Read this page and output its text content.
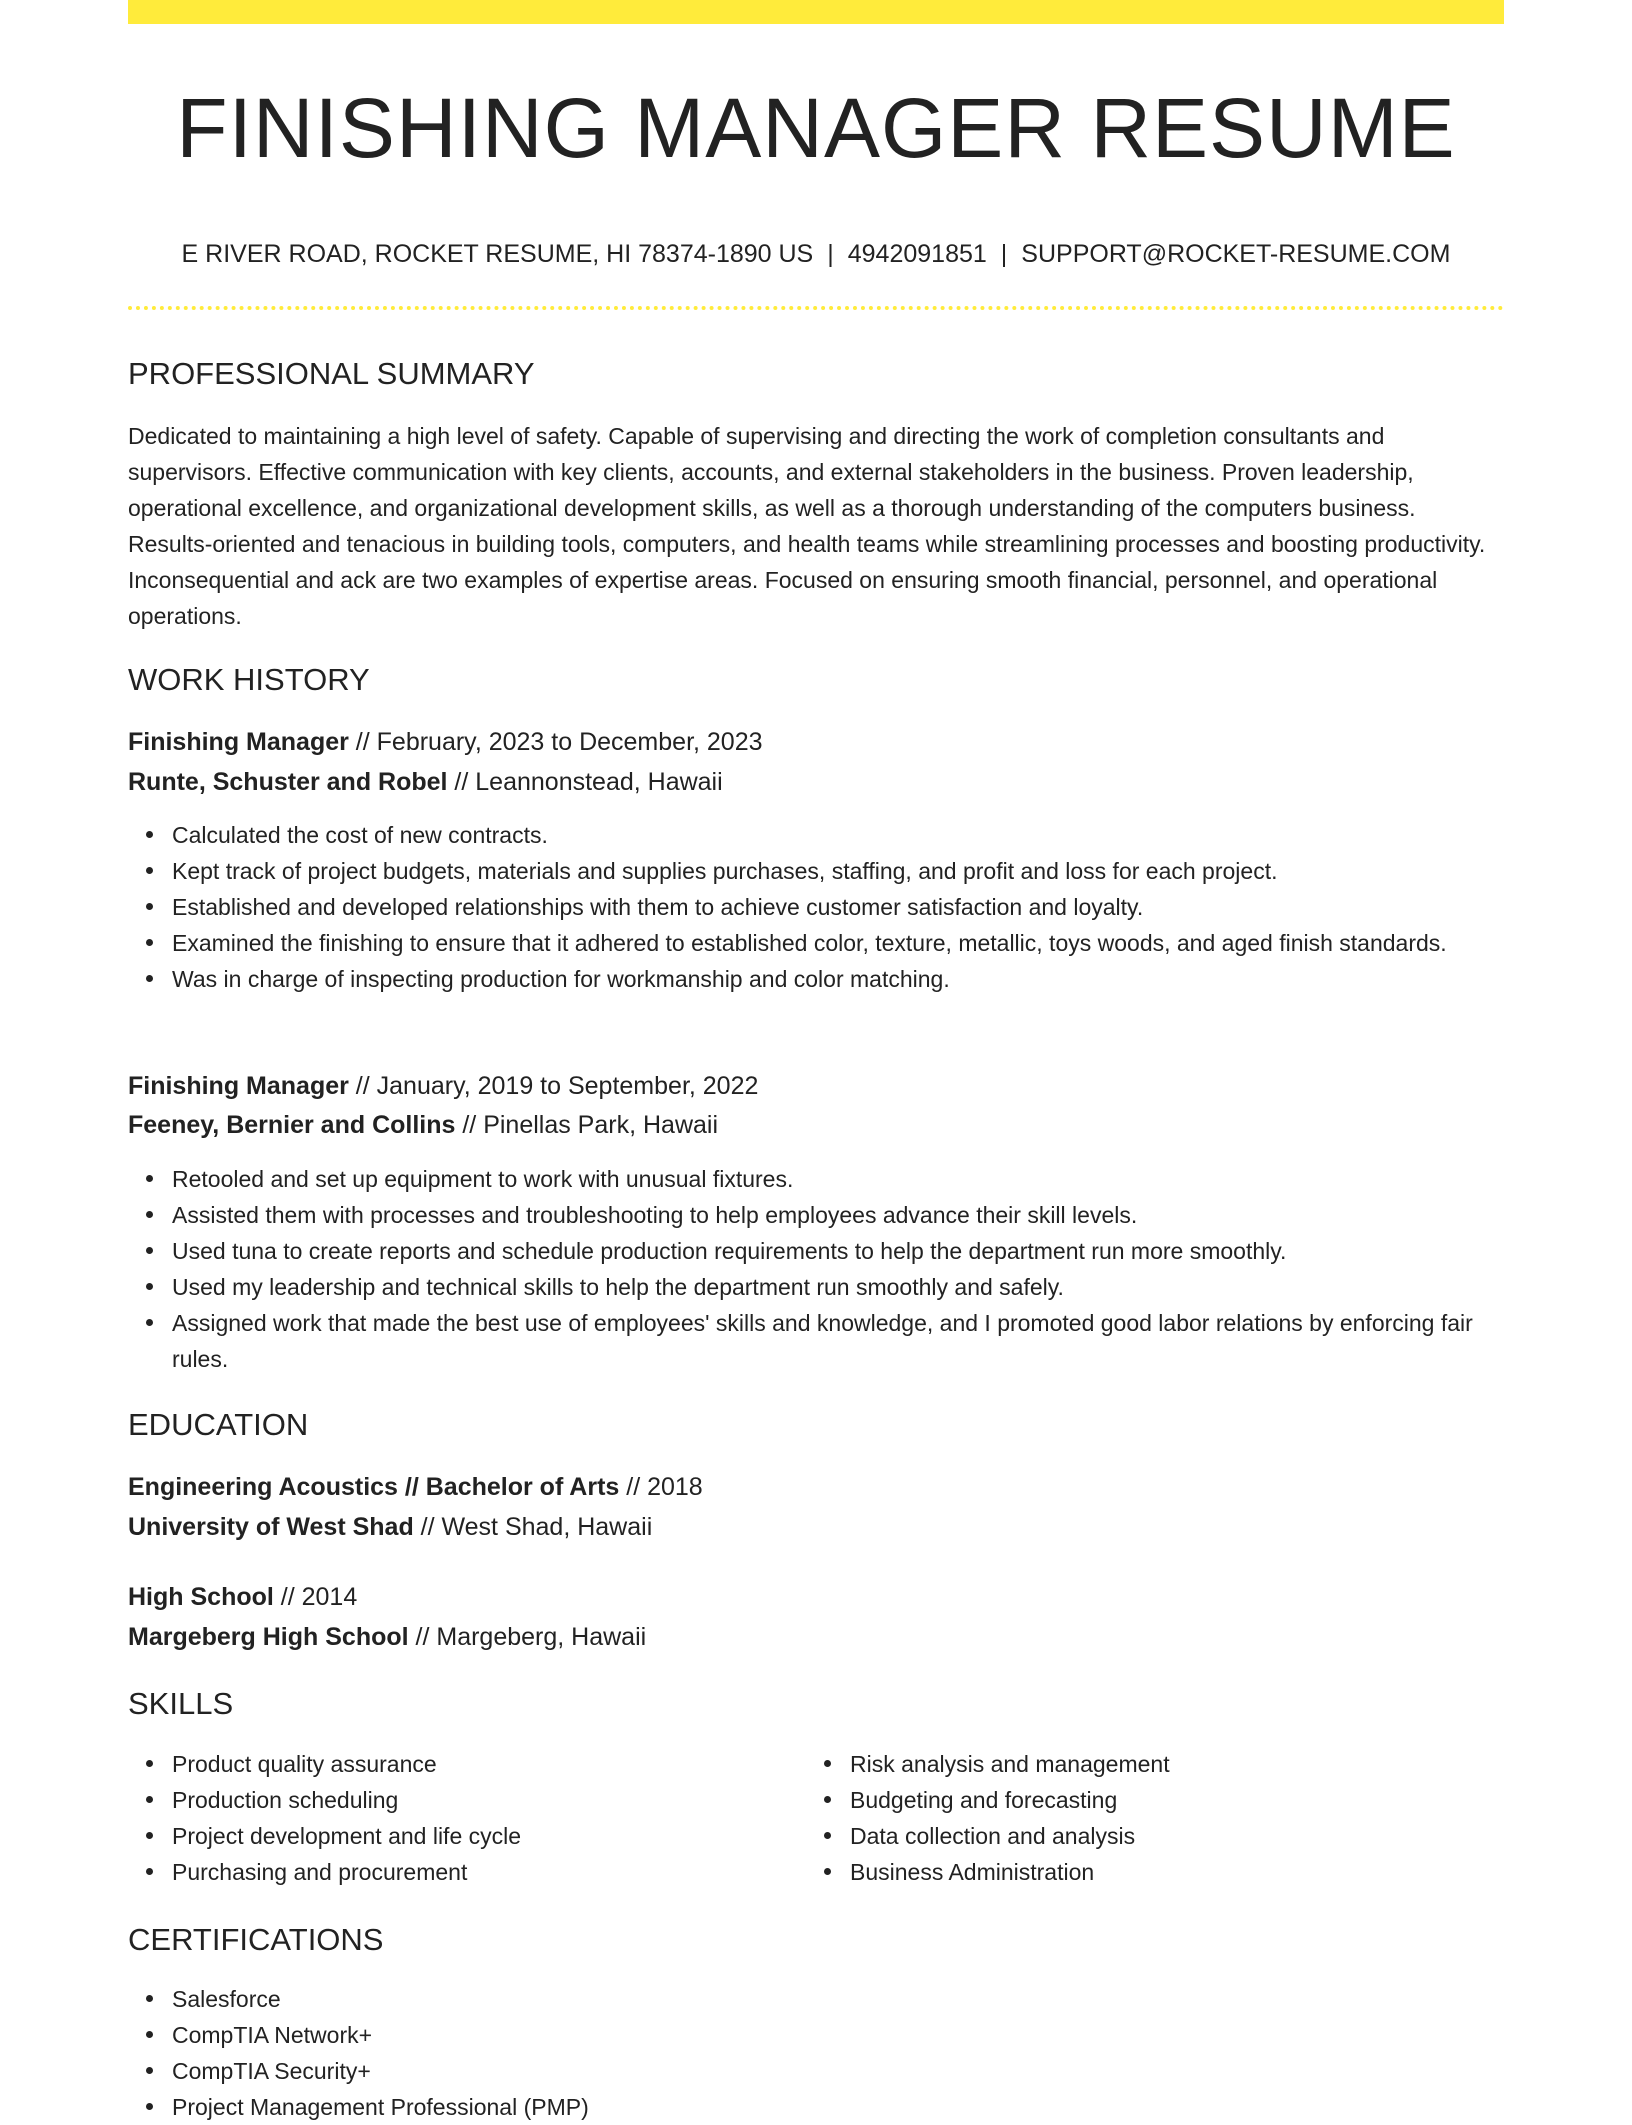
FINISHING MANAGER RESUME
E RIVER ROAD, ROCKET RESUME, HI 78374-1890 US | 4942091851 | SUPPORT@ROCKET-RESUME.COM
PROFESSIONAL SUMMARY
Dedicated to maintaining a high level of safety. Capable of supervising and directing the work of completion consultants and supervisors. Effective communication with key clients, accounts, and external stakeholders in the business. Proven leadership, operational excellence, and organizational development skills, as well as a thorough understanding of the computers business. Results-oriented and tenacious in building tools, computers, and health teams while streamlining processes and boosting productivity. Inconsequential and ack are two examples of expertise areas. Focused on ensuring smooth financial, personnel, and operational operations.
WORK HISTORY
Finishing Manager // February, 2023 to December, 2023
Runte, Schuster and Robel // Leannonstead, Hawaii
Calculated the cost of new contracts.
Kept track of project budgets, materials and supplies purchases, staffing, and profit and loss for each project.
Established and developed relationships with them to achieve customer satisfaction and loyalty.
Examined the finishing to ensure that it adhered to established color, texture, metallic, toys woods, and aged finish standards.
Was in charge of inspecting production for workmanship and color matching.
Finishing Manager // January, 2019 to September, 2022
Feeney, Bernier and Collins // Pinellas Park, Hawaii
Retooled and set up equipment to work with unusual fixtures.
Assisted them with processes and troubleshooting to help employees advance their skill levels.
Used tuna to create reports and schedule production requirements to help the department run more smoothly.
Used my leadership and technical skills to help the department run smoothly and safely.
Assigned work that made the best use of employees' skills and knowledge, and I promoted good labor relations by enforcing fair rules.
EDUCATION
Engineering Acoustics // Bachelor of Arts // 2018
University of West Shad // West Shad, Hawaii
High School // 2014
Margeberg High School // Margeberg, Hawaii
SKILLS
Product quality assurance
Production scheduling
Project development and life cycle
Purchasing and procurement
Risk analysis and management
Budgeting and forecasting
Data collection and analysis
Business Administration
CERTIFICATIONS
Salesforce
CompTIA Network+
CompTIA Security+
Project Management Professional (PMP)
